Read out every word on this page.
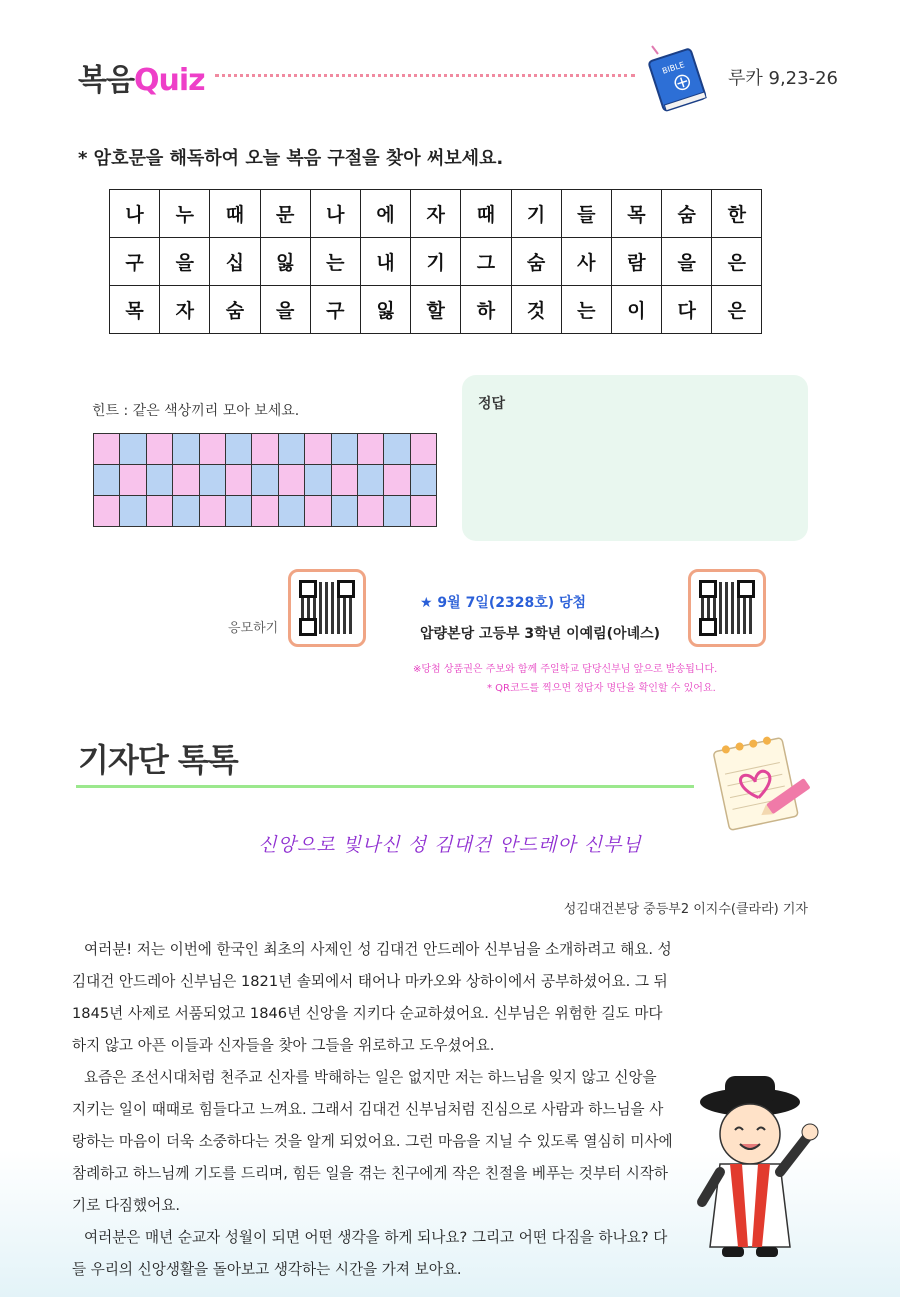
복음Quiz	BIBLE
루카 9,23-26
* 암호문을 해독하여 오늘 복음 구절을 찾아 써보세요.
나	누	때	문	나	에	자	때	기	들	목	숨	한
구	을	십	잃	는	내	기	그	숨	사	람	을	은
목	자	숨	을	구	잃	할	하	것	는	이	다	은
힌트 : 같은 색상끼리 모아 보세요.

													정답
응모하기
★ 9월 7일(2328호) 당첨
압량본당 고등부 3학년 이예림(아녜스)
※당첨 상품권은 주보와 함께 주일학교 담당신부님 앞으로 발송됩니다.
* QR코드를 찍으면 정답자 명단을 확인할 수 있어요.
기자단 톡톡
신앙으로 빛나신 성 김대건 안드레아 신부님
성김대건본당 중등부2 이지수(클라라) 기자

여러분! 저는 이번에 한국인 최초의 사제인 성 김대건 안드레아 신부님을 소개하려고 해요. 성 김대건 안드레아 신부님은 1821년 솔뫼에서 태어나 마카오와 상하이에서 공부하셨어요. 그 뒤 1845년 사제로 서품되었고 1846년 신앙을 지키다 순교하셨어요. 신부님은 위험한 길도 마다하지 않고 아픈 이들과 신자들을 찾아 그들을 위로하고 도우셨어요.

요즘은 조선시대처럼 천주교 신자를 박해하는 일은 없지만 저는 하느님을 잊지 않고 신앙을 지키는 일이 때때로 힘들다고 느껴요. 그래서 김대건 신부님처럼 진심으로 사람과 하느님을 사랑하는 마음이 더욱 소중하다는 것을 알게 되었어요. 그런 마음을 지닐 수 있도록 열심히 미사에 참례하고 하느님께 기도를 드리며, 힘든 일을 겪는 친구에게 작은 친절을 베푸는 것부터 시작하기로 다짐했어요.

여러분은 매년 순교자 성월이 되면 어떤 생각을 하게 되나요? 그리고 어떤 다짐을 하나요? 다들 우리의 신앙생활을 돌아보고 생각하는 시간을 가져 보아요.
